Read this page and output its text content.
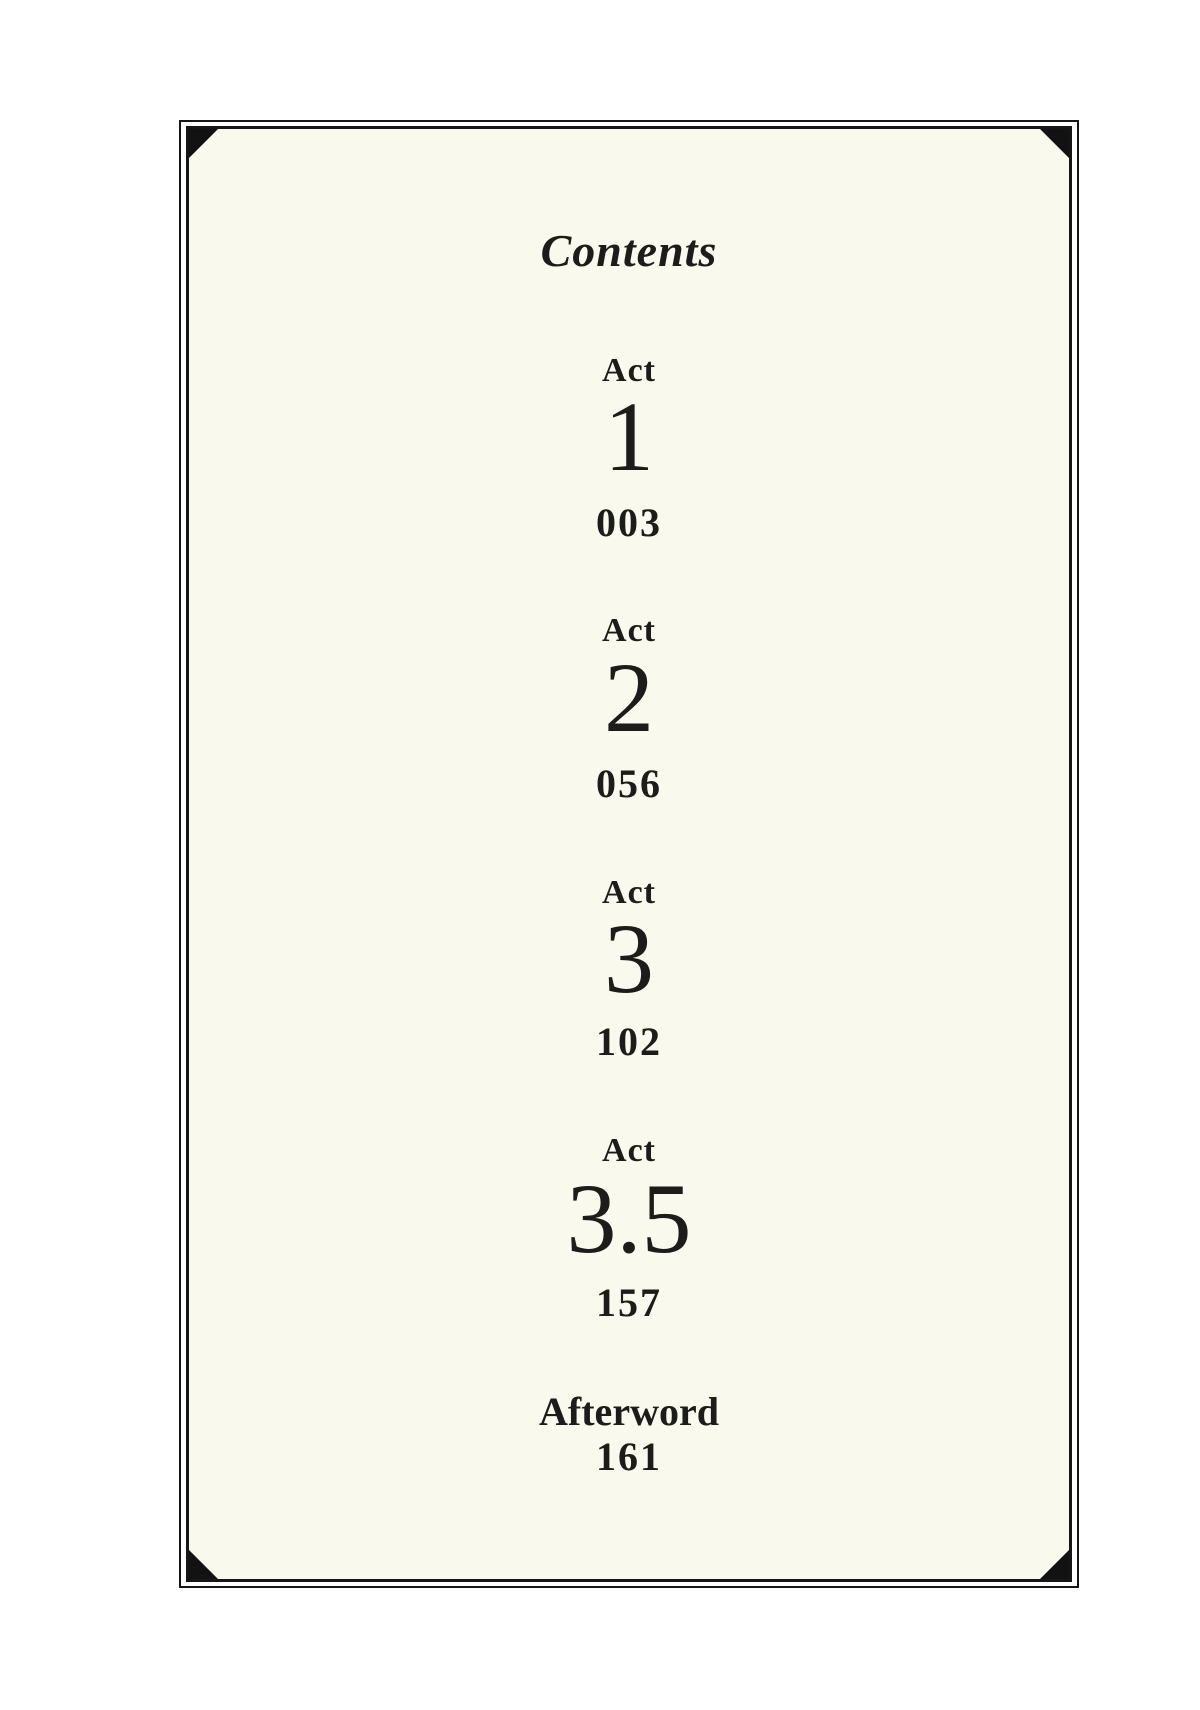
Contents
Act
1
003
Act
2
056
Act
3
102
Act
3.5
157
Afterword
161
